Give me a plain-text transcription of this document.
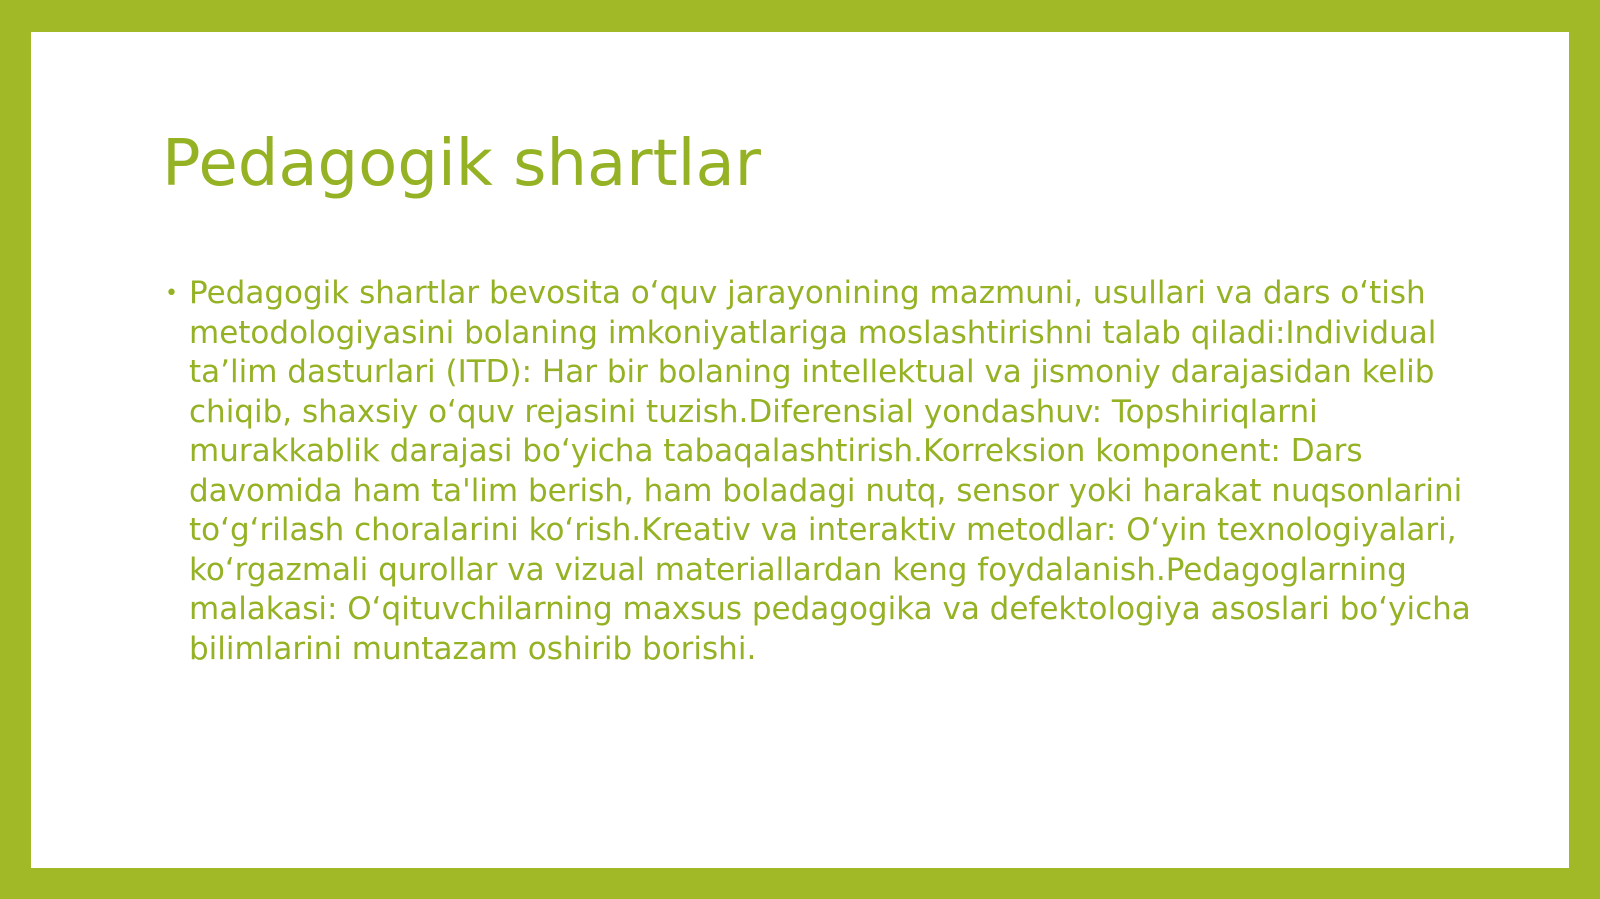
Pedagogik shartlar
• Pedagogik shartlar bevosita o‘quv jarayonining mazmuni, usullari va dars o‘tish metodologiyasini bolaning imkoniyatlariga moslashtirishni talab qiladi:Individual ta’lim dasturlari (ITD): Har bir bolaning intellektual va jismoniy darajasidan kelib chiqib, shaxsiy o‘quv rejasini tuzish.Diferensial yondashuv: Topshiriqlarni murakkablik darajasi bo‘yicha tabaqalashtirish.Korreksion komponent: Dars davomida ham ta'lim berish, ham boladagi nutq, sensor yoki harakat nuqsonlarini to‘g‘rilash choralarini ko‘rish.Kreativ va interaktiv metodlar: O‘yin texnologiyalari, ko‘rgazmali qurollar va vizual materiallardan keng foydalanish.Pedagoglarning malakasi: O‘qituvchilarning maxsus pedagogika va defektologiya asoslari bo‘yicha bilimlarini muntazam oshirib borishi.
